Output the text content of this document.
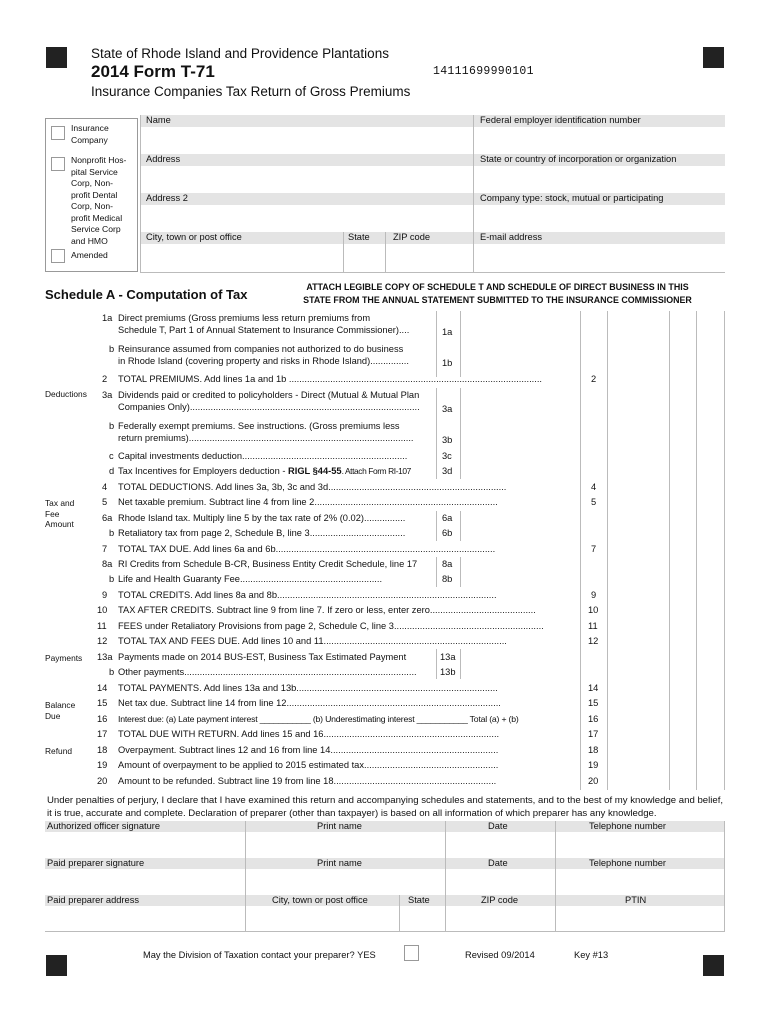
State of Rhode Island and Providence Plantations
2014 Form T-71
Insurance Companies Tax Return of Gross Premiums
14111699990101
Insurance Company
Nonprofit Hos-
pital Service
Corp, Non-
profit Dental
Corp, Non-
profit Medical
Service Corp
and HMO
Amended
Name	Federal employer identification number
Address	State or country of incorporation or organization
Address 2	Company type: stock, mutual or participating
City, town or post office	State	ZIP code	E-mail address
Schedule A - Computation of Tax	ATTACH LEGIBLE COPY OF SCHEDULE T AND SCHEDULE OF DIRECT BUSINESS IN THIS
STATE FROM THE ANNUAL STATEMENT SUBMITTED TO THE INSURANCE COMMISSIONER
Deductions
Tax and
Fee
Amount
Payments
Balance
Due
Refund
1a Direct premiums (Gross premiums less return premiums from
Schedule T, Part 1 of Annual Statement to Insurance Commissioner)....	1a
b Reinsurance assumed from companies not authorized to do business
in Rhode Island (covering property and risks in Rhode Island)...............	1b
2 TOTAL PREMIUMS. Add lines 1a and 1b ..................................................................................................	2
3a Dividends paid or credited to policyholders - Direct (Mutual & Mutual Plan
Companies Only)......................................................................................... 3a
b Federally exempt premiums. See instructions. (Gross premiums less
return premiums).......................................................................................	3b
c Capital investments deduction................................................................	3c
d Tax Incentives for Employers deduction - RIGL §44-55. Attach Form RI-107	3d
4 TOTAL DEDUCTIONS. Add lines 3a, 3b, 3c and 3d.....................................................................	4
5 Net taxable premium. Subtract line 4 from line 2.......................................................................	5
6a Rhode Island tax. Multiply line 5 by the tax rate of 2% (0.02)................	6a
b Retaliatory tax from page 2, Schedule B, line 3.....................................	6b
7 TOTAL TAX DUE. Add lines 6a and 6b.....................................................................................	7
8a RI Credits from Schedule B-CR, Business Entity Credit Schedule, line 17	8a
b Life and Health Guaranty Fee.......................................................	8b
9 TOTAL CREDITS. Add lines 8a and 8b.....................................................................................	9
10 TAX AFTER CREDITS. Subtract line 9 from line 7. If zero or less, enter zero.........................................	10
11 FEES under Retaliatory Provisions from page 2, Schedule C, line 3..........................................................	11
12 TOTAL TAX AND FEES DUE. Add lines 10 and 11.......................................................................	12
13a Payments made on 2014 BUS-EST, Business Tax Estimated Payment	13a
b Other payments..........................................................................................	13b
14 TOTAL PAYMENTS. Add lines 13a and 13b..............................................................................	14
15 Net tax due. Subtract line 14 from line 12...................................................................................	15
16 Interest due: (a) Late payment interest ___________ (b) Underestimating interest ___________ Total (a) + (b)	16
17 TOTAL DUE WITH RETURN. Add lines 15 and 16....................................................................	17
18 Overpayment. Subtract lines 12 and 16 from line 14.................................................................	18
19 Amount of overpayment to be applied to 2015 estimated tax....................................................	19
20 Amount to be refunded. Subtract line 19 from line 18...............................................................	20
Under penalties of perjury, I declare that I have examined this return and accompanying schedules and statements, and to the best of my knowledge and belief, it is true, accurate and complete. Declaration of preparer (other than taxpayer) is based on all information of which preparer has any knowledge.
Authorized officer signature	Print name	Date	Telephone number
Paid preparer signature	Print name	Date	Telephone number
Paid preparer address	City, town or post office	State	ZIP code	PTIN
May the Division of Taxation contact your preparer? YES	Revised 09/2014	Key #13
